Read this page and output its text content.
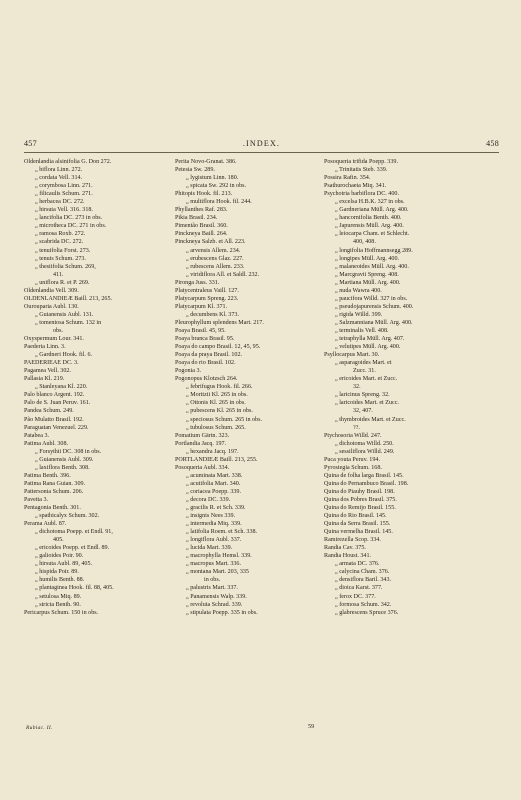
457	.INDEX.	458
Oldenlandia alsinifolia G. Don 272.
„ biflora Linn. 272.
„ cordata Vell. 314.
„ corymbosa Linn. 271.
„ filicaulis Schum. 271.
„ herbacea DC. 272.
„ hirsuta Vell. 316. 318.
„ lancifolia DC. 273 in obs.
„ microtheca DC. 271 in obs.
„ ramosa Roxb. 272.
„ scabrida DC. 272.
„ tenuifolia Forst. 273.
„ tenuis Schum. 273.
„ thesiifolia Schum. 269,
411.
„ uniflora R. et P. 269.
Oldenlandia Vell. 309.
OLDENLANDIEÆ Baill. 213, 265.
Ourouparia Aubl. 130.
„ Guianensis Aubl. 131.
„ tomentosa Schum. 132 in
obs.
Oxyspermum Lour. 341.
Paederia Linn. 3.
„ Gardneri Hook. fil. 6.
PAEDERIEAE DC. 3.
Pagamea Vell. 302.
Pallasia Kl. 219.
„ Stanleyana Kl. 220.
Palo blanco Argent. 192.
Palo de S. Juan Peruv. 161.
Pandea Schum. 249.
Pão Mulatto Brasil. 192.
Paraguatan Venezuel. 229.
Patabea 3.
Patima Aubl. 308.
„ Forsythii DC. 308 in obs.
„ Guianensis Aubl. 309.
„ laxiflora Benth. 308.
Patima Benth. 396.
Patima Rana Guian. 309.
Pattersonia Schum. 206.
Pavetta 3.
Pentagonia Benth. 301.
„ spathicalyx Schum. 302.
Perama Aubl. 87.
„ dichotoma Poepp. et Endl. 91,
405.
„ ericoides Poepp. et Endl. 89.
„ galioides Poir. 90.
„ hirsuta Aubl. 89, 405.
„ hispida Poir. 89.
„ humilis Benth. 88.
„ plantaginea Hook. fil. 88, 405.
„ setulosa Miq. 89.
„ stricta Benth. 90.
Pericarpus Schum. 150 in obs.
Perita Novo-Granat. 386.
Petesia Sw. 289.
„ lygistum Linn. 180.
„ spicata Sw. 292 in obs.
Phitopis Hook. fil. 213.
„ multiflora Hook. fil. 244.
Phyllanthes Raf. 283.
Pikia Brasil. 234.
Pimentão Brasil. 360.
Pinckneya Baill. 264.
Pinckneya Salzb. et All. 223.
„ arvensis Allem. 234.
„ erubescens Glaz. 227.
„ rubescens Allem. 233.
„ viridiflora All. et Saldl. 232.
Pironga Juss. 331.
Platycentraleus Vaill. 127.
Platycarpum Spreng. 223.
Platycarpum Kl. 371.
„ decumbens Kl. 373.
Pleurophyllum splendens Mart. 217.
Poaya Brasil. 45, 95.
Poaya branca Brasil. 95.
Poaya do campo Brasil. 12, 45, 95.
Poaya da praya Brasil. 102.
Poaya do rio Brasil. 102.
Pogonia 3.
Pogonopus Klotzsch 264.
„ febrifugus Hook. fil. 266.
„ Moritzii Kl. 265 in obs.
„ Ottonis Kl. 265 in obs.
„ pubescens Kl. 265 in obs.
„ speciosus Schum. 265 in obs.
„ tubulosus Schum. 265.
Pomatium Gärtn. 323.
Portlandia Jacq. 197.
„ hexandra Jacq. 197.
PORTLANDIEÆ Baill. 213, 255.
Posoqueria Aubl. 334.
„ acuminata Mart. 338.
„ acutifolia Mart. 340.
„ coriacea Poepp. 339.
„ decora DC. 339.
„ gracilis R. et Sch. 339.
„ insignis Nees 339.
„ intermedia Miq. 339.
„ latifolia Roem. et Sch. 338.
„ longiflora Aubl. 337.
„ lucida Mart. 339.
„ macrophylla Hemsl. 339.
„ macropus Mart. 336.
„ montana Mart. 203, 335
in obs.
„ palustris Mart. 337.
„ Panamensis Walp. 339.
„ revoluta Schrad. 339.
„ stipulata Poepp. 335 in obs.
Posoqueria trifida Poepp. 339.
„ Trinitatis Steb. 339.
Possira Rafin. 354.
Psathurochaeta Miq. 341.
Psychotria barbiflora DC. 400.
„ excelsa H.B.K. 327 in obs.
„ Gardneriana Müll. Arg. 400.
„ hancornifolia Benth. 400.
„ Japurensis Müll. Arg. 400.
„ leiocarpa Cham. et Schlecht.
400, 408.
„ longifolia Hoffmannsegg 289.
„ longipes Müll. Arg. 400.
„ malaneoides Müll. Arg. 400.
„ Marcgravii Spreng. 408.
„ Martiana Müll. Arg. 400.
„ nuda Wawra 400.
„ paucifora Willd. 327 in obs.
„ pseudojapurensis Schum. 400.
„ rigida Willd. 399.
„ Salzmanniana Müll. Arg. 400.
„ terminalis Vell. 408.
„ tetraphylla Müll. Arg. 407.
„ velutipes Müll. Arg. 400.
Psyllocarpus Mart. 30.
„ asparagoides Mart. et
Zucc. 31.
„ ericoides Mart. et Zucc.
32.
„ laricinus Spreng. 32.
„ laricoides Mart. et Zucc.
32, 407.
„ thymbroides Mart. et Zucc.
??.
Ptychosoria Willd. 247.
„ dichotoma Willd. 250.
„ sessiliflora Willd. 249.
Puca youta Peruv. 194.
Pyrostegia Schum. 168.
Quina de folha larga Brasil. 145.
Quina do Pernambuco Brasil. 198.
Quina do Piauhy Brasil. 198.
Quina dos Pobres Brasil. 375.
Quina do Remijo Brasil. 155.
Quina do Rio Brasil. 145.
Quina da Serra Brasil. 155.
Quina vermelha Brasil. 145.
Ramirezella Scop. 334.
Randia Cav. 375.
Randia Houst. 341.
„ armata DC. 376.
„ calycina Cham. 376.
„ densiflora Baril. 343.
„ dioica Karst. 377.
„ ferox DC. 377.
„ formosa Schum. 342.
„ glabrescens Spruce 376.
Rubiac. II.	59
